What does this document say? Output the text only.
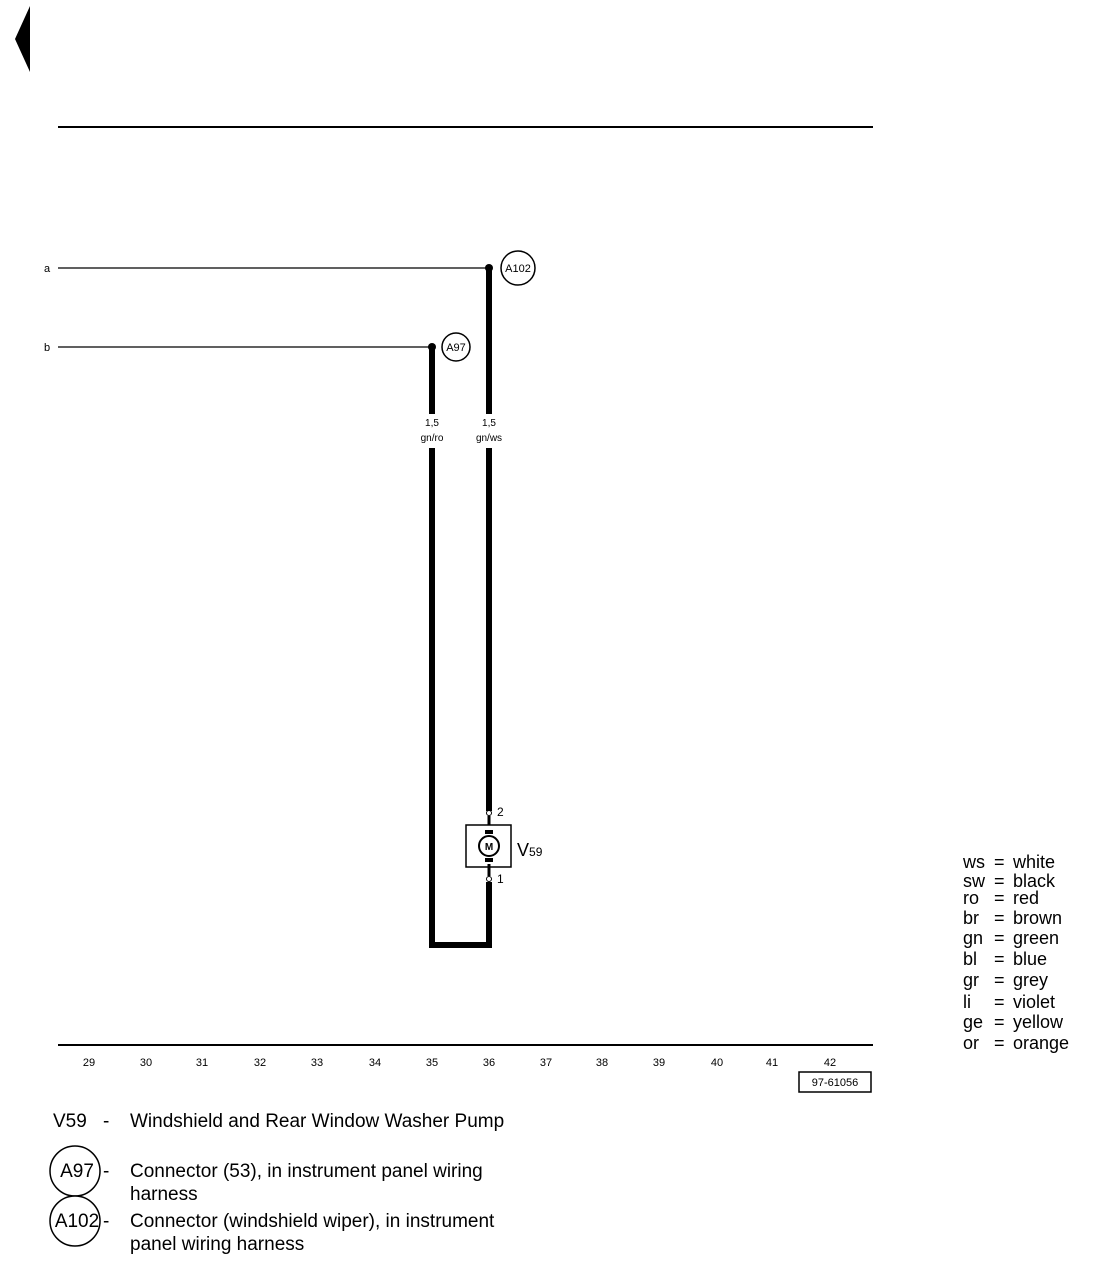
a	A102
b	A97
1,5
gn/ro
1,5
gn/ws
2
M
1
V59
29	30	31	32	33	34	35	36	37	38	39	40	41	42
97-61056
ws = white
sw = black
ro = red
br = brown
gn = green
bl = blue
gr = grey
li = violet
ge = yellow
or = orange
V59 - Windshield and Rear Window Washer Pump
A97 - Connector (53), in instrument panel wiring
harness
A102 - Connector (windshield wiper), in instrument
panel wiring harness
